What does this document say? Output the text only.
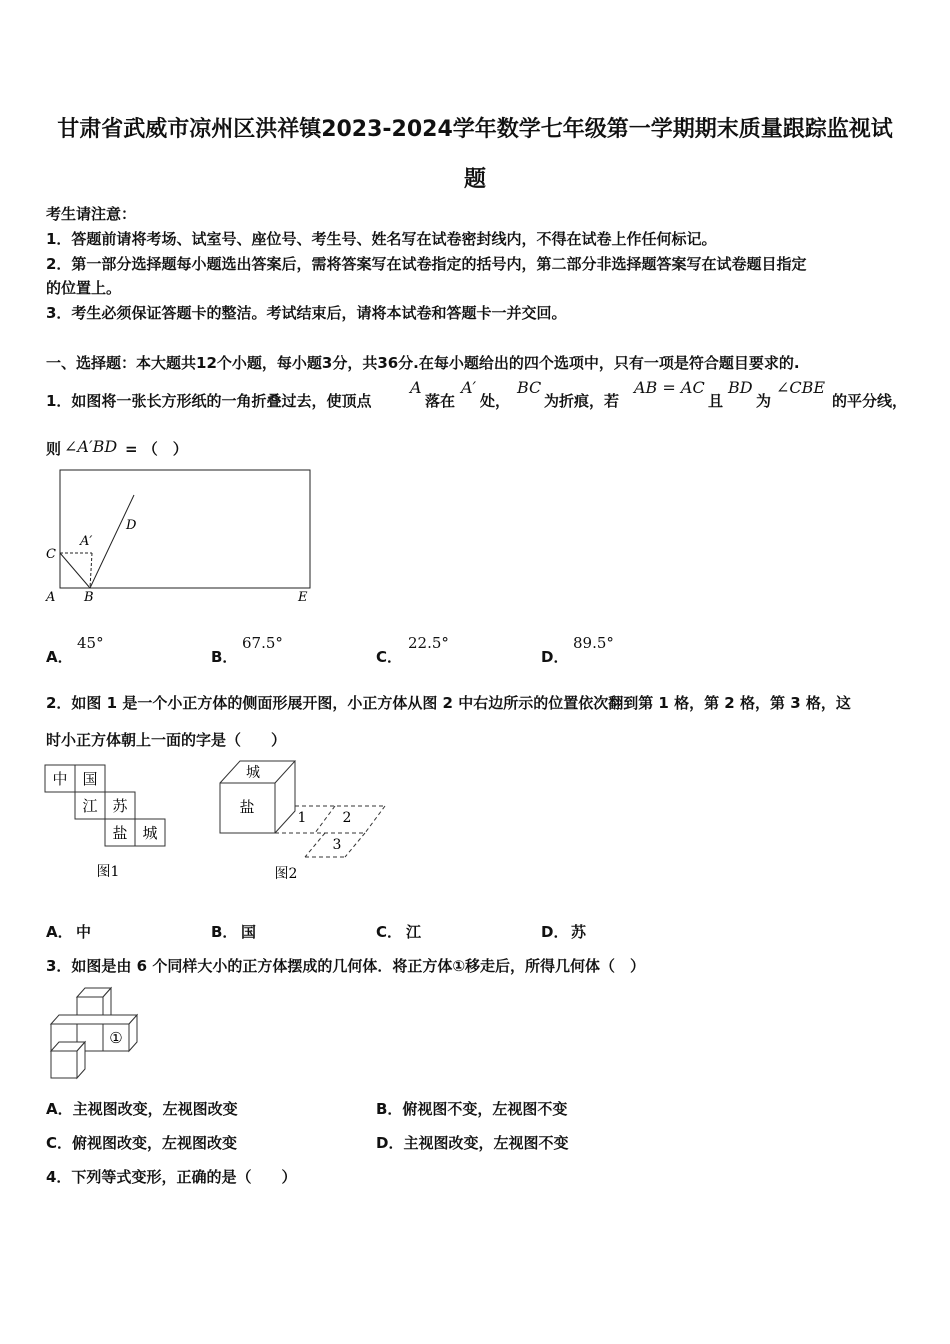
甘肃省武威市凉州区洪祥镇2023-2024学年数学七年级第一学期期末质量跟踪监视试
题
考生请注意：
1．答题前请将考场、试室号、座位号、考生号、姓名写在试卷密封线内，不得在试卷上作任何标记。
2．第一部分选择题每小题选出答案后，需将答案写在试卷指定的括号内，第二部分非选择题答案写在试卷题目指定
的位置上。
3．考生必须保证答题卡的整洁。考试结束后，请将本试卷和答题卡一并交回。
一、选择题：本大题共12个小题，每小题3分，共36分.在每小题给出的四个选项中，只有一项是符合题目要求的.
1．如图将一张长方形纸的一角折叠过去，使顶点
A
落在
A′
处，
BC
为折痕，若
AB = AC
且
BD
为
∠CBE
的平分线，
则 ∠A′BD = （　）
C
A′
D
A B	E
A．
45°
B．
67.5°
C．
22.5°
D．
89.5°
2．如图 1 是一个小正方体的侧面形展开图，小正方体从图 2 中右边所示的位置依次翻到第 1 格，第 2 格，第 3 格，这
时小正方体朝上一面的字是（　　）
中 国
江 苏
盐 城
图1
城
盐
1	2
3
图2
A． 中	B． 国	C． 江	D． 苏
3．如图是由 6 个同样大小的正方体摆成的几何体．将正方体①移走后，所得几何体（　）
①
A．主视图改变，左视图改变	B．俯视图不变，左视图不变
C．俯视图改变，左视图改变	D．主视图改变，左视图不变
4．下列等式变形，正确的是（　　）
